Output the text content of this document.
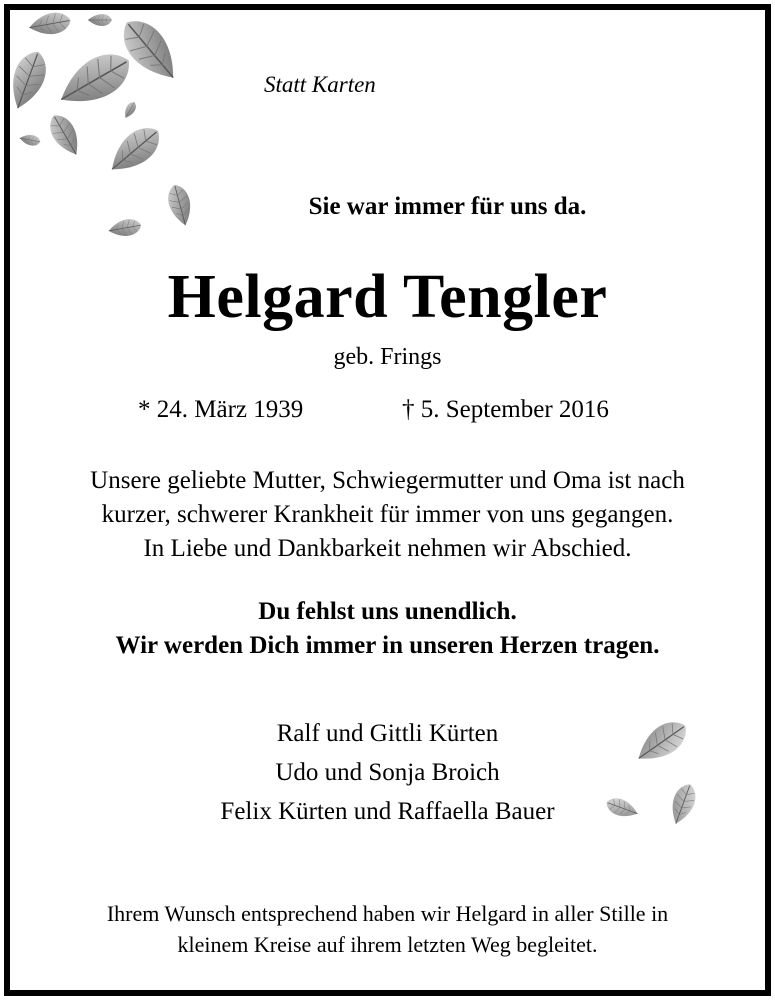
Statt Karten
Sie war immer für uns da.
Helgard Tengler
geb. Frings
* 24. März 1939	† 5. September 2016

Unsere geliebte Mutter, Schwiegermutter und Oma ist nach

kurzer, schwerer Krankheit für immer von uns gegangen.

In Liebe und Dankbarkeit nehmen wir Abschied.

Du fehlst uns unendlich.

Wir werden Dich immer in unseren Herzen tragen.

Ralf und Gittli Kürten

Udo und Sonja Broich

Felix Kürten und Raffaella Bauer

Ihrem Wunsch entsprechend haben wir Helgard in aller Stille in

kleinem Kreise auf ihrem letzten Weg begleitet.
